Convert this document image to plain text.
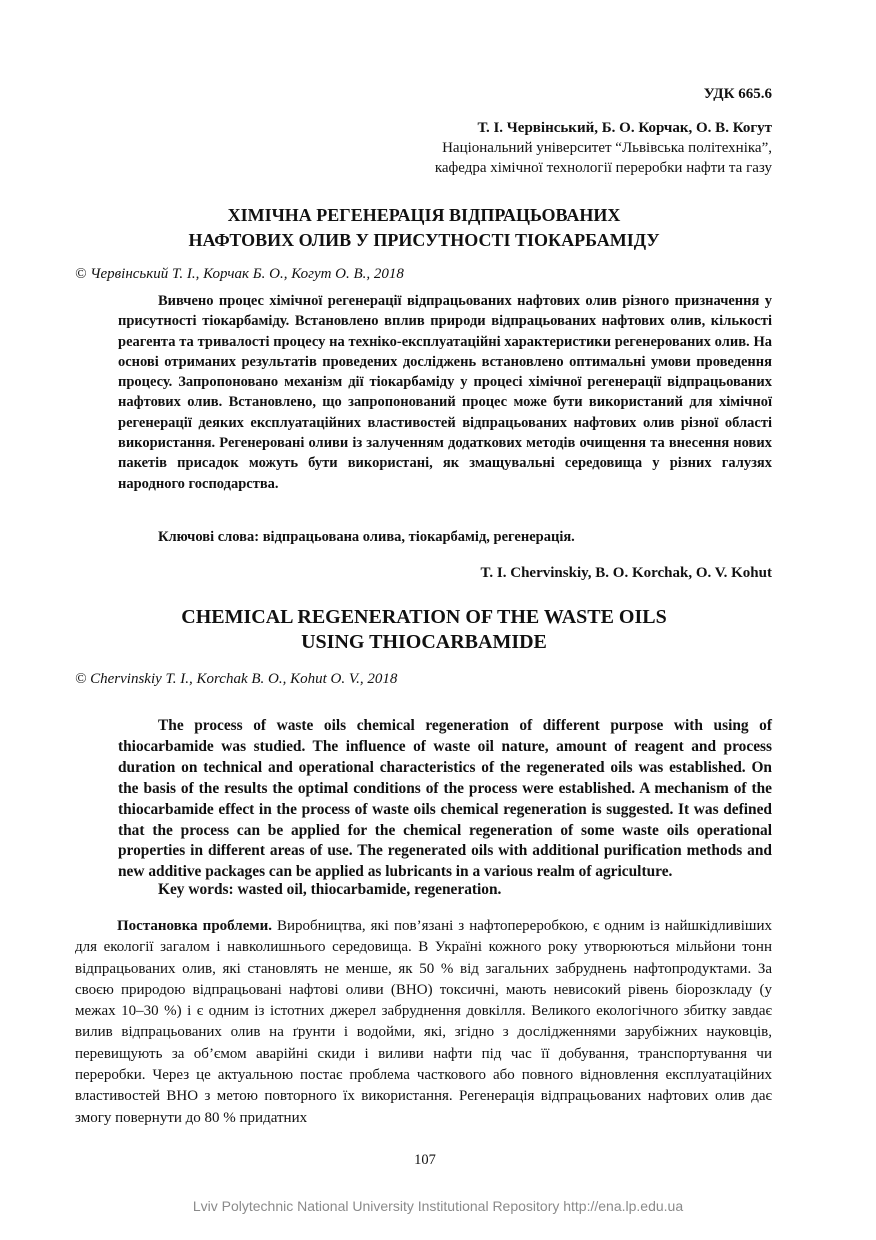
УДК 665.6
Т. І. Червінський, Б. О. Корчак, О. В. Когут
Національний університет “Львівська політехніка”,
кафедра хімічної технології переробки нафти та газу
ХІМІЧНА РЕГЕНЕРАЦІЯ ВІДПРАЦЬОВАНИХ
НАФТОВИХ ОЛИВ У ПРИСУТНОСТІ ТІОКАРБАМІДУ
© Червінський Т. І., Корчак Б. О., Когут О. В., 2018

Вивчено процес хімічної регенерації відпрацьованих нафтових олив різного призначення у присутності тіокарбаміду. Встановлено вплив природи відпрацьованих нафтових олив, кількості реагента та тривалості процесу на техніко-експлуатаційні характеристики регенерованих олив. На основі отриманих результатів проведених досліджень встановлено оптимальні умови проведення процесу. Запропоновано механізм дії тіокарбаміду у процесі хімічної регенерації відпрацьованих нафтових олив. Встановлено, що запропонований процес може бути використаний для хімічної регенерації деяких експлуатаційних властивостей відпрацьованих нафтових олив різної області використання. Регенеровані оливи із залученням додаткових методів очищення та внесення нових пакетів присадок можуть бути використані, як змащувальні середовища у різних галузях народного господарства.

Ключові слова: відпрацьована олива, тіокарбамід, регенерація.
T. I. Chervinskiy, B. O. Korchak, O. V. Kohut
CHEMICAL REGENERATION OF THE WASTE OILS
USING THIOCARBAMIDE
© Chervinskiy T. I., Korchak B. O., Kohut O. V., 2018

The process of waste oils chemical regeneration of different purpose with using of thiocarbamide was studied. The influence of waste oil nature, amount of reagent and process duration on technical and operational characteristics of the regenerated oils was established. On the basis of the results the optimal conditions of the process were established. A mechanism of the thiocarbamide effect in the process of waste oils chemical regeneration is suggested. It was defined that the process can be applied for the chemical regeneration of some waste oils operational properties in different areas of use. The regenerated oils with additional purification methods and new additive packages can be applied as lubricants in a various realm of agriculture.

Key words: wasted oil, thiocarbamide, regeneration.

Постановка проблеми. Виробництва, які пов’язані з нафтопереробкою, є одним із найшкідливіших для екології загалом і навколишнього середовища. В Україні кожного року утворюються мільйони тонн відпрацьованих олив, які становлять не менше, як 50 % від загальних забруднень нафтопродуктами. За своєю природою відпрацьовані нафтові оливи (ВНО) токсичні, мають невисокий рівень біорозкладу (у межах 10–30 %) і є одним із істотних джерел забруднення довкілля. Великого екологічного збитку завдає вилив відпрацьованих олив на ґрунти і водойми, які, згідно з дослідженнями зарубіжних науковців, перевищують за об’ємом аварійні скиди і виливи нафти під час її добування, транспортування чи переробки. Через це актуальною постає проблема часткового або повного відновлення експлуатаційних властивостей ВНО з метою повторного їх використання. Регенерація відпрацьованих нафтових олив дає змогу повернути до 80 % придатних

107
Lviv Polytechnic National University Institutional Repository http://ena.lp.edu.ua
